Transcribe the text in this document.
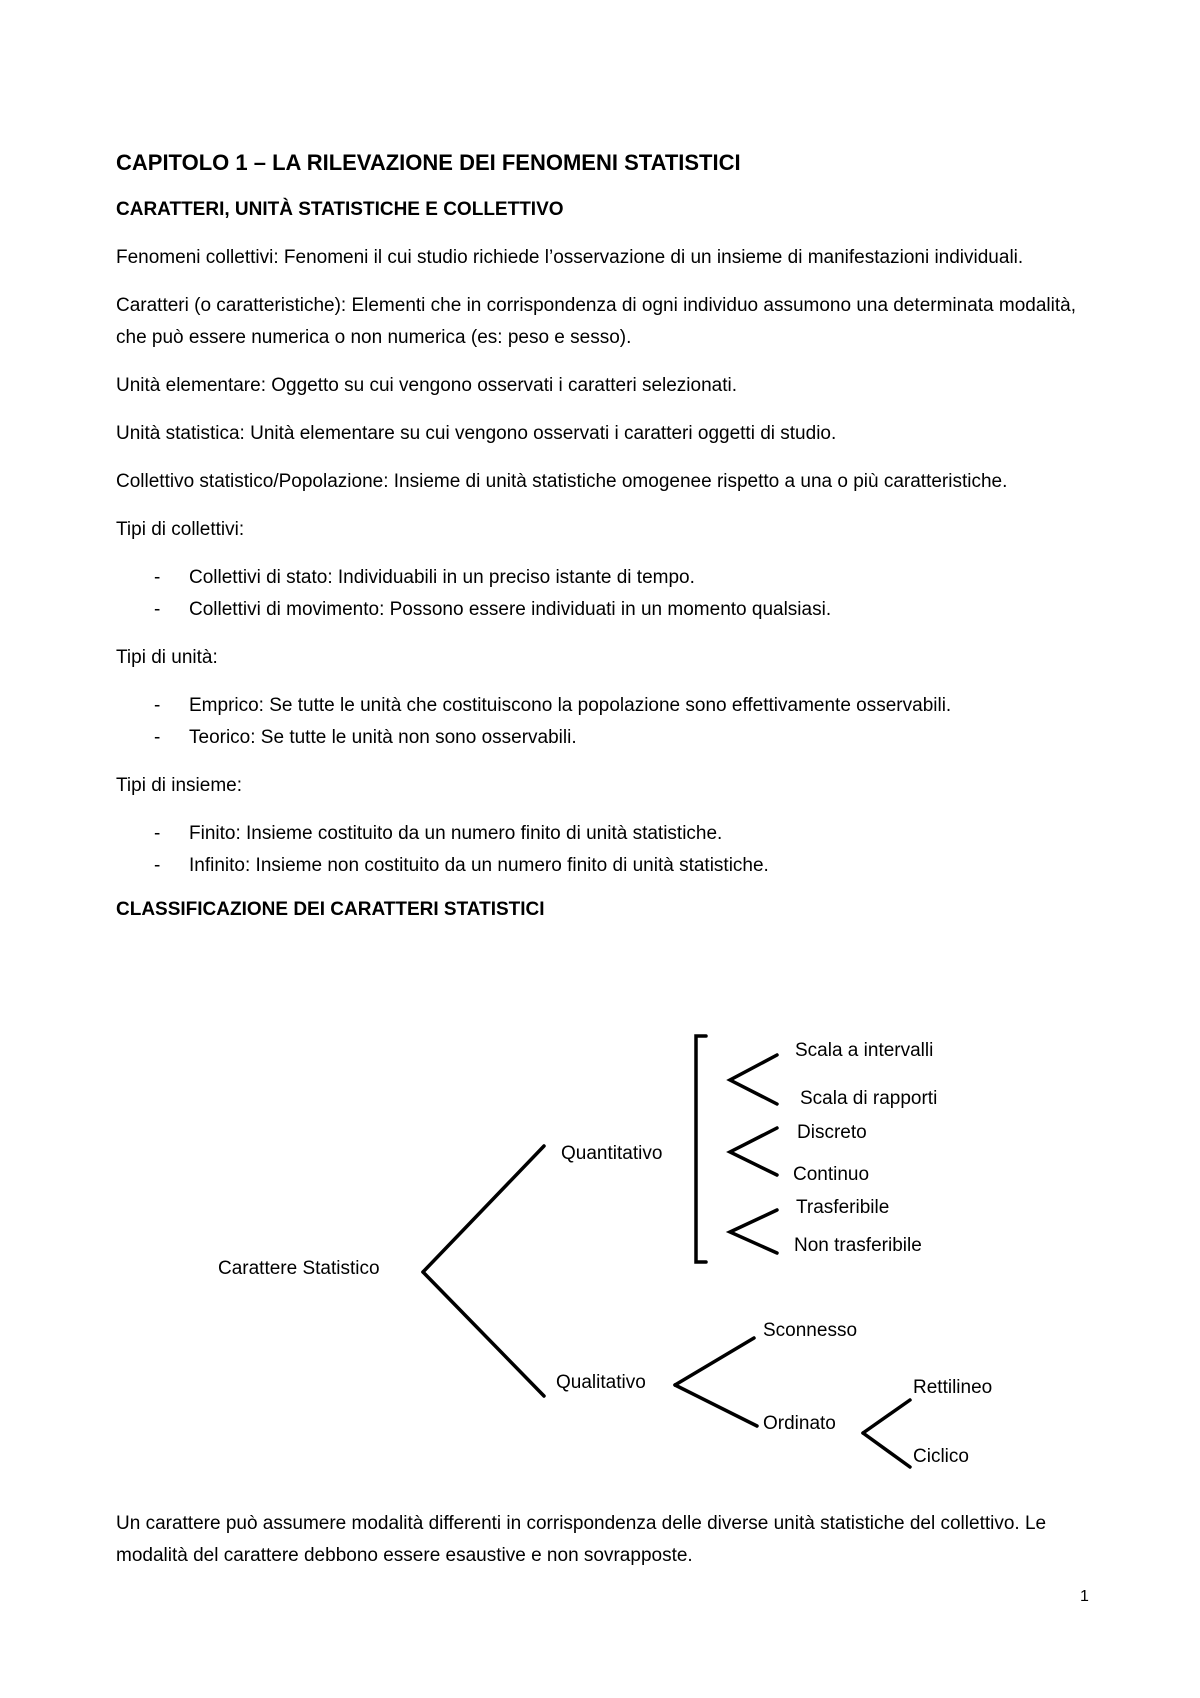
CAPITOLO 1 – LA RILEVAZIONE DEI FENOMENI STATISTICI
CARATTERI, UNITÀ STATISTICHE E COLLETTIVO

Fenomeni collettivi: Fenomeni il cui studio richiede l’osservazione di un insieme di manifestazioni individuali.

Caratteri (o caratteristiche): Elementi che in corrispondenza di ogni individuo assumono una determinata modalità, che può essere numerica o non numerica (es: peso e sesso).

Unità elementare: Oggetto su cui vengono osservati i caratteri selezionati.

Unità statistica: Unità elementare su cui vengono osservati i caratteri oggetti di studio.

Collettivo statistico/Popolazione: Insieme di unità statistiche omogenee rispetto a una o più caratteristiche.

Tipi di collettivi:

- Collettivi di stato: Individuabili in un preciso istante di tempo.
- Collettivi di movimento: Possono essere individuati in un momento qualsiasi.

Tipi di unità:

- Emprico: Se tutte le unità che costituiscono la popolazione sono effettivamente osservabili.
- Teorico: Se tutte le unità non sono osservabili.

Tipi di insieme:

- Finito: Insieme costituito da un numero finito di unità statistiche.
- Infinito: Insieme non costituito da un numero finito di unità statistiche.
CLASSIFICAZIONE DEI CARATTERI STATISTICI
Carattere Statistico
Quantitativo
Qualitativo
Scala a intervalli
Scala di rapporti
Discreto
Continuo
Trasferibile
Non trasferibile
Sconnesso
Ordinato
Rettilineo
Ciclico
Un carattere può assumere modalità differenti in corrispondenza delle diverse unità statistiche del collettivo. Le modalità del carattere debbono essere esaustive e non sovrapposte.
1
